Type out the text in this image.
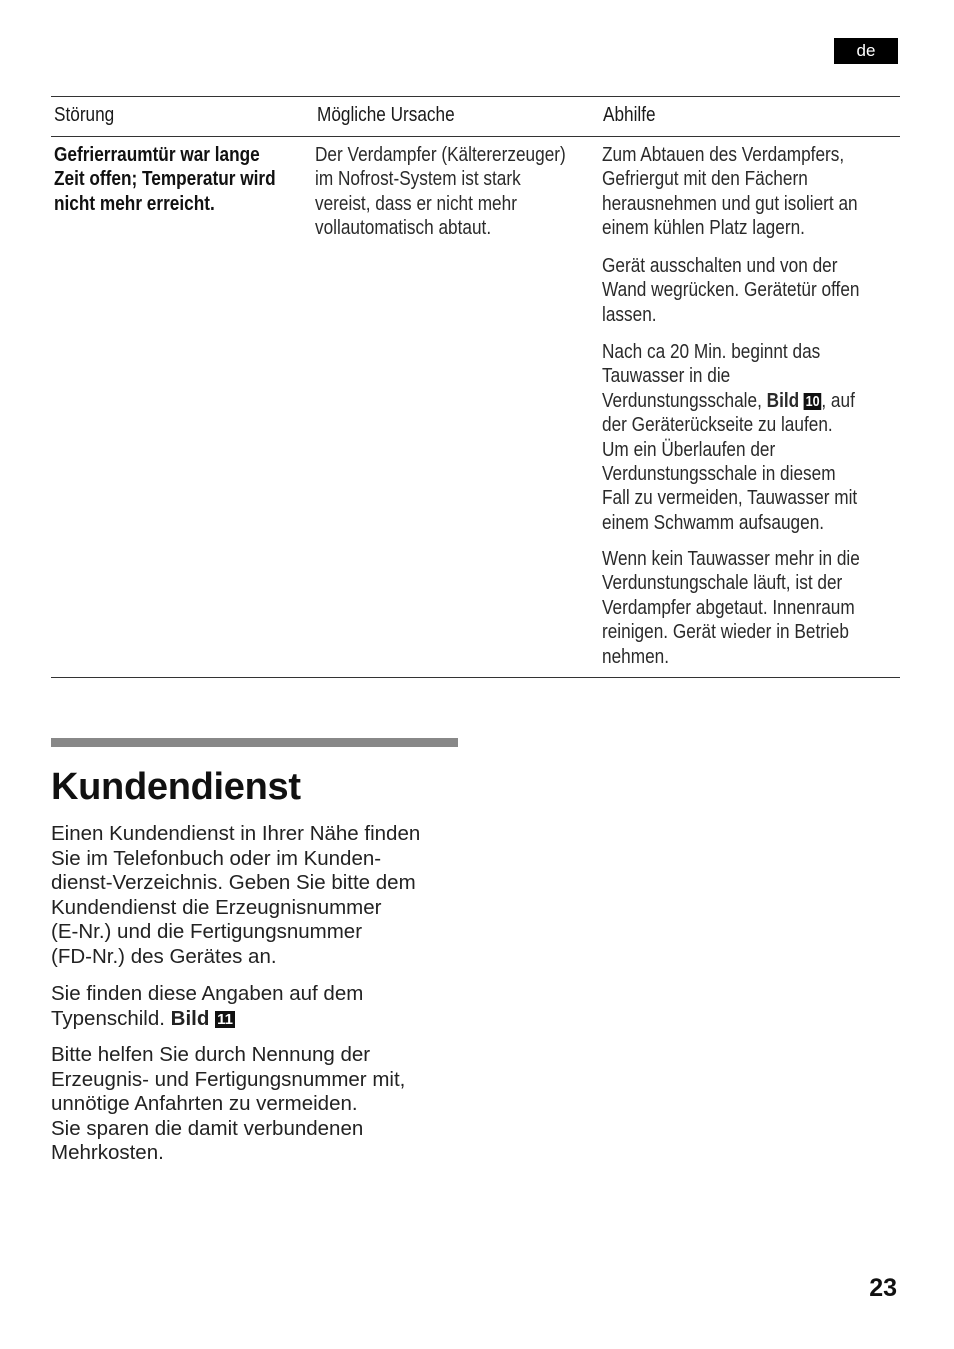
de
Störung	Mögliche Ursache	Abhilfe
Gefrierraumtür war lange
Zeit offen; Temperatur wird
nicht mehr erreicht.
Der Verdampfer (Kältererzeuger)
im Nofrost-System ist stark
vereist, dass er nicht mehr
vollautomatisch abtaut.
Zum Abtauen des Verdampfers,
Gefriergut mit den Fächern
herausnehmen und gut isoliert an
einem kühlen Platz lagern.
Gerät ausschalten und von der
Wand wegrücken. Gerätetür offen
lassen.
Nach ca 20 Min. beginnt das
Tauwasser in die
Verdunstungsschale, Bild 10, auf
der Geräterückseite zu laufen.
Um ein Überlaufen der
Verdunstungsschale in diesem
Fall zu vermeiden, Tauwasser mit
einem Schwamm aufsaugen.
Wenn kein Tauwasser mehr in die
Verdunstungschale läuft, ist der
Verdampfer abgetaut. Innenraum
reinigen. Gerät wieder in Betrieb
nehmen.
Kundendienst
Einen Kundendienst in Ihrer Nähe finden
Sie im Telefonbuch oder im Kunden-
dienst-Verzeichnis. Geben Sie bitte dem
Kundendienst die Erzeugnisnummer
(E-Nr.) und die Fertigungsnummer
(FD-Nr.) des Gerätes an.
Sie finden diese Angaben auf dem
Typenschild. Bild 11
Bitte helfen Sie durch Nennung der
Erzeugnis- und Fertigungsnummer mit,
unnötige Anfahrten zu vermeiden.
Sie sparen die damit verbundenen
Mehrkosten.
23
